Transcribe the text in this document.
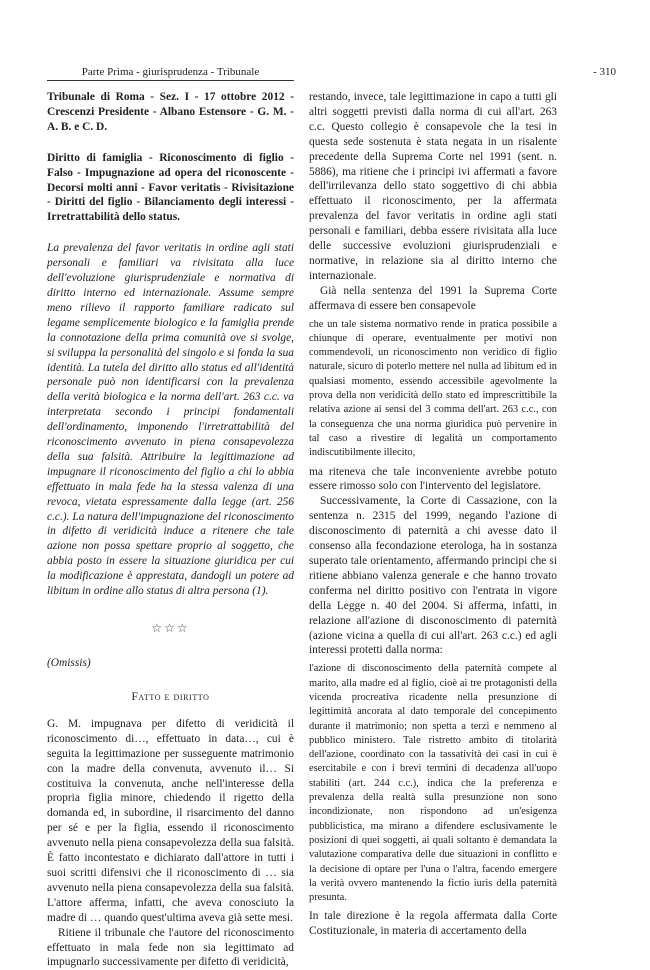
Parte Prima - giurisprudenza - Tribunale	- 310

Tribunale di Roma - Sez. I - 17 ottobre 2012 - Crescenzi Presidente - Albano Estensore - G. M. - A. B. e C. D.

Diritto di famiglia - Riconoscimento di figlio - Falso - Impugnazione ad opera del riconoscente - Decorsi molti anni - Favor veritatis - Rivisitazione - Diritti del figlio - Bilanciamento degli interessi - Irretrattabilità dello status.

La prevalenza del favor veritatis in ordine agli stati personali e familiari va rivisitata alla luce dell'evoluzione giurisprudenziale e normativa di diritto interno ed internazionale. Assume sempre meno rilievo il rapporto familiare radicato sul legame semplicemente biologico e la famiglia prende la connotazione della prima comunità ove si svolge, si sviluppa la personalità del singolo e si fonda la sua identità. La tutela del diritto allo status ed all'identità personale può non identificarsi con la prevalenza della verità biologica e la norma dell'art. 263 c.c. va interpretata secondo i principi fondamentali dell'ordinamento, imponendo l'irretrattabilità del riconoscimento avvenuto in piena consapevolezza della sua falsità. Attribuire la legittimazione ad impugnare il riconoscimento del figlio a chi lo abbia effettuato in mala fede ha la stessa valenza di una revoca, vietata espressamente dalla legge (art. 256 c.c.). La natura dell'impugnazione del riconoscimento in difetto di veridicità induce a ritenere che tale azione non possa spettare proprio al soggetto, che abbia posto in essere la situazione giuridica per cui la modificazione è apprestata, dandogli un potere ad libitum in ordine allo status di altra persona (1).

☆☆☆

(Omissis)

Fatto e diritto

G. M. impugnava per difetto di veridicità il riconoscimento di…, effettuato in data…, cui è seguita la legittimazione per susseguente matrimonio con la madre della convenuta, avvenuto il… Si costituiva la convenuta, anche nell'interesse della propria figlia minore, chiedendo il rigetto della domanda ed, in subordine, il risarcimento del danno per sé e per la figlia, essendo il riconoscimento avvenuto nella piena consapevolezza della sua falsità. È fatto incontestato e dichiarato dall'attore in tutti i suoi scritti difensivi che il riconoscimento di … sia avvenuto nella piena consapevolezza della sua falsità. L'attore afferma, infatti, che aveva conosciuto la madre di … quando quest'ultima aveva già sette mesi.

Ritiene il tribunale che l'autore del riconoscimento effettuato in mala fede non sia legittimato ad impugnarlo successivamente per difetto di veridicità,

restando, invece, tale legittimazione in capo a tutti gli altri soggetti previsti dalla norma di cui all'art. 263 c.c. Questo collegio è consapevole che la tesi in questa sede sostenuta è stata negata in un risalente precedente della Suprema Corte nel 1991 (sent. n. 5886), ma ritiene che i principi ivi affermati a favore dell'irrilevanza dello stato soggettivo di chi abbia effettuato il riconoscimento, per la affermata prevalenza del favor veritatis in ordine agli stati personali e familiari, debba essere rivisitata alla luce delle successive evoluzioni giurisprudenziali e normative, in relazione sia al diritto interno che internazionale.

Già nella sentenza del 1991 la Suprema Corte affermava di essere ben consapevole

che un tale sistema normativo rende in pratica possibile a chiunque di operare, eventualmente per motivi non commendevoli, un riconoscimento non veridico di figlio naturale, sicuro di poterlo mettere nel nulla ad libitum ed in qualsiasi momento, essendo accessibile agevolmente la prova della non veridicità dello stato ed imprescrittibile la relativa azione ai sensi del 3 comma dell'art. 263 c.c., con la conseguenza che una norma giuridica può pervenire in tal caso a rivestire di legalità un comportamento indiscutibilmente illecito,

ma riteneva che tale inconveniente avrebbe potuto essere rimosso solo con l'intervento del legislatore.

Successivamente, la Corte di Cassazione, con la sentenza n. 2315 del 1999, negando l'azione di disconoscimento di paternità a chi avesse dato il consenso alla fecondazione eterologa, ha in sostanza superato tale orientamento, affermando principi che si ritiene abbiano valenza generale e che hanno trovato conferma nel diritto positivo con l'entrata in vigore della Legge n. 40 del 2004. Si afferma, infatti, in relazione all'azione di disconoscimento di paternità (azione vicina a quella di cui all'art. 263 c.c.) ed agli interessi protetti dalla norma:

l'azione di disconoscimento della paternità compete al marito, alla madre ed al figlio, cioè ai tre protagonisti della vicenda procreativa ricadente nella presunzione di legittimità ancorata al dato temporale del concepimento durante il matrimonio; non spetta a terzi e nemmeno al pubblico ministero. Tale ristretto ambito di titolarità dell'azione, coordinato con la tassatività dei casi in cui è esercitabile e con i brevi termini di decadenza all'uopo stabiliti (art. 244 c.c.), indica che la preferenza e prevalenza della realtà sulla presunzione non sono incondizionate, non rispondono ad un'esigenza pubblicistica, ma mirano a difendere esclusivamente le posizioni di quei soggetti, ai quali soltanto è demandata la valutazione comparativa delle due situazioni in conflitto e la decisione di optare per l'una o l'altra, facendo emergere la verità ovvero mantenendo la fictio iuris della paternità presunta.

In tale direzione è la regola affermata dalla Corte Costituzionale, in materia di accertamento della
